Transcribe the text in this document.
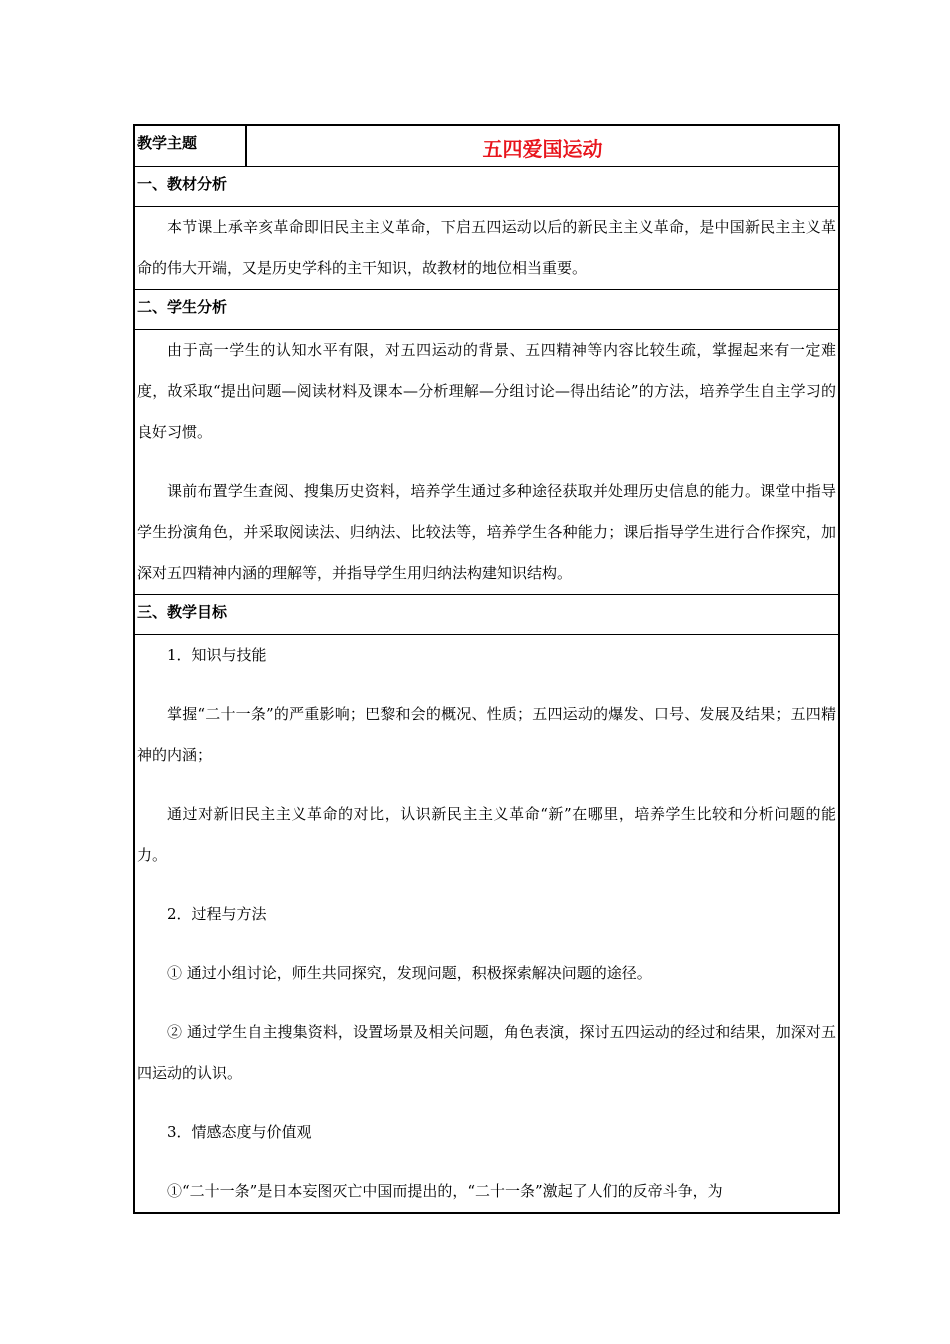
教学主题	五四爱国运动
一、教材分析

本节课上承辛亥革命即旧民主主义革命，下启五四运动以后的新民主主义革命，是中国新民主主义革命的伟大开端，又是历史学科的主干知识，故教材的地位相当重要。

二、学生分析

由于高一学生的认知水平有限，对五四运动的背景、五四精神等内容比较生疏，掌握起来有一定难度，故采取“提出问题—阅读材料及课本—分析理解—分组讨论—得出结论”的方法，培养学生自主学习的良好习惯。

课前布置学生查阅、搜集历史资料，培养学生通过多种途径获取并处理历史信息的能力。课堂中指导学生扮演角色，并采取阅读法、归纳法、比较法等，培养学生各种能力；课后指导学生进行合作探究，加深对五四精神内涵的理解等，并指导学生用归纳法构建知识结构。

三、教学目标

1．知识与技能

掌握“二十一条”的严重影响；巴黎和会的概况、性质；五四运动的爆发、口号、发展及结果；五四精神的内涵；

通过对新旧民主主义革命的对比，认识新民主主义革命“新”在哪里，培养学生比较和分析问题的能力。

2．过程与方法

① 通过小组讨论，师生共同探究，发现问题，积极探索解决问题的途径。

② 通过学生自主搜集资料，设置场景及相关问题，角色表演，探讨五四运动的经过和结果，加深对五四运动的认识。

3．情感态度与价值观

①“二十一条”是日本妄图灭亡中国而提出的，“二十一条”激起了人们的反帝斗争，为
